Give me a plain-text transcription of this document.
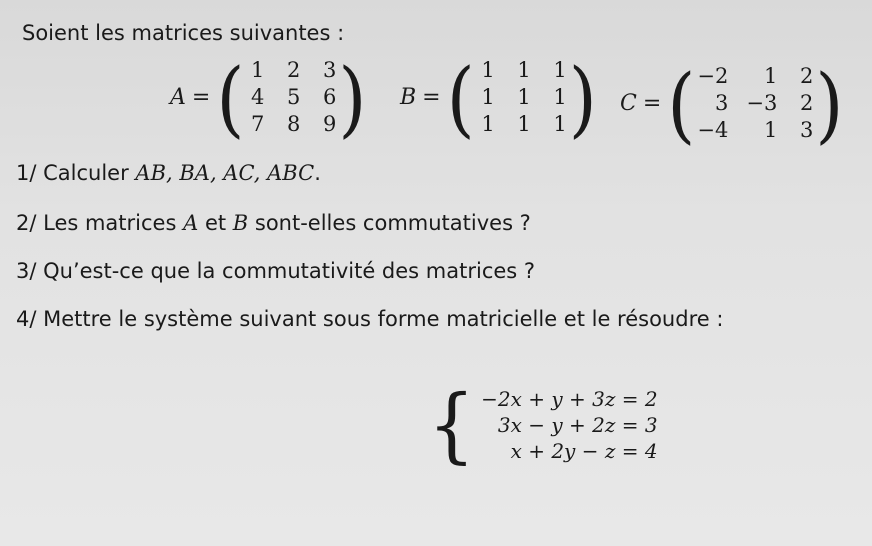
Soient les matrices suivantes :
A = ( 1 2 3
4 5 6
7 8 9 ) B = ( 1 1 1
1 1 1
1 1 1 ) C = ( −2	1 2
3 −3 2
−4	1 3 )
1/ Calculer AB, BA, AC, ABC.
2/ Les matrices A et B sont-elles commutatives ?
3/ Qu’est-ce que la commutativité des matrices ?
4/ Mettre le système suivant sous forme matricielle et le résoudre :
{ −2x + y + 3z = 2
3x − y + 2z = 3
x + 2y − z = 4
